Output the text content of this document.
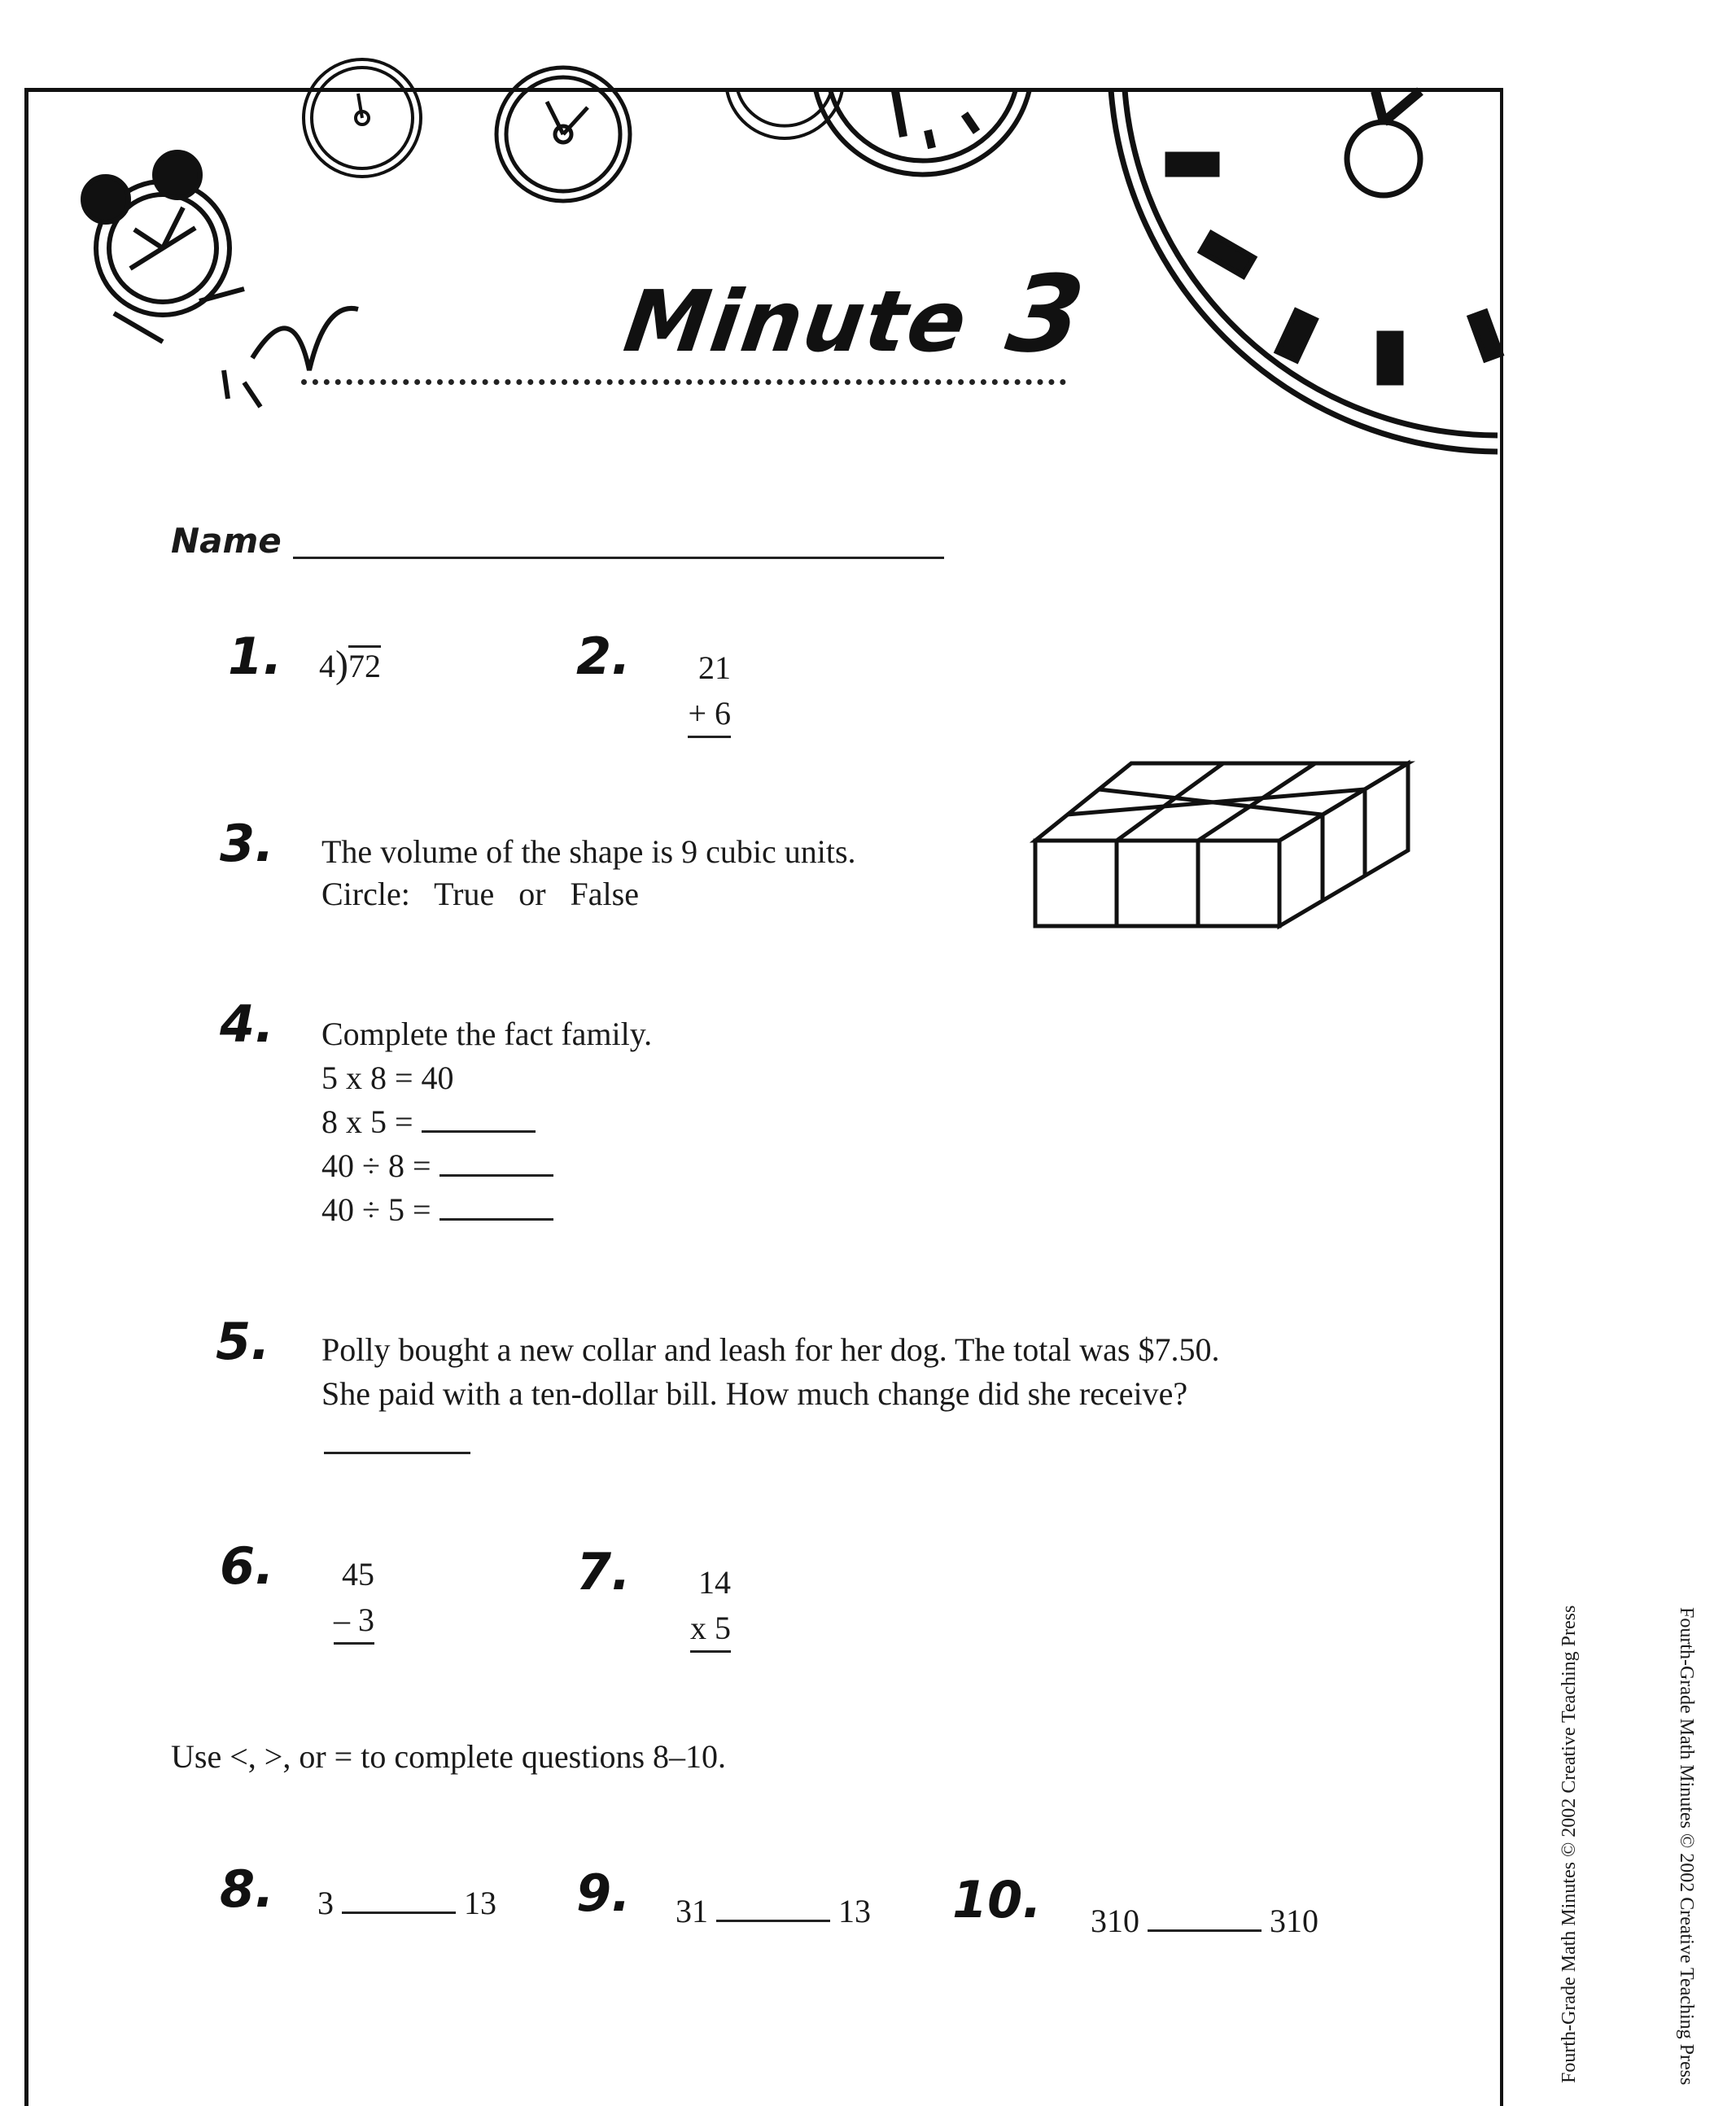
Minute 3
Name
1. 4)72	2.	21
+ 6
3. The volume of the shape is 9 cubic units.
Circle:   True   or   False
4. Complete the fact family.
5 x 8 = 40
8 x 5 =
40 ÷ 8 =
40 ÷ 5 =
5. Polly bought a new collar and leash for her dog. The total was $7.50.
She paid with a ten-dollar bill. How much change did she receive?
6.	45
– 3
7.	14
x 5
Use <, >, or = to complete questions 8–10.
8. 3	13 9. 31	13 10. 310	310	Fourth-Grade Math Minutes © 2002 Creative Teaching Press	Fourth-Grade Math Minutes © 2002 Creative Teaching Press
